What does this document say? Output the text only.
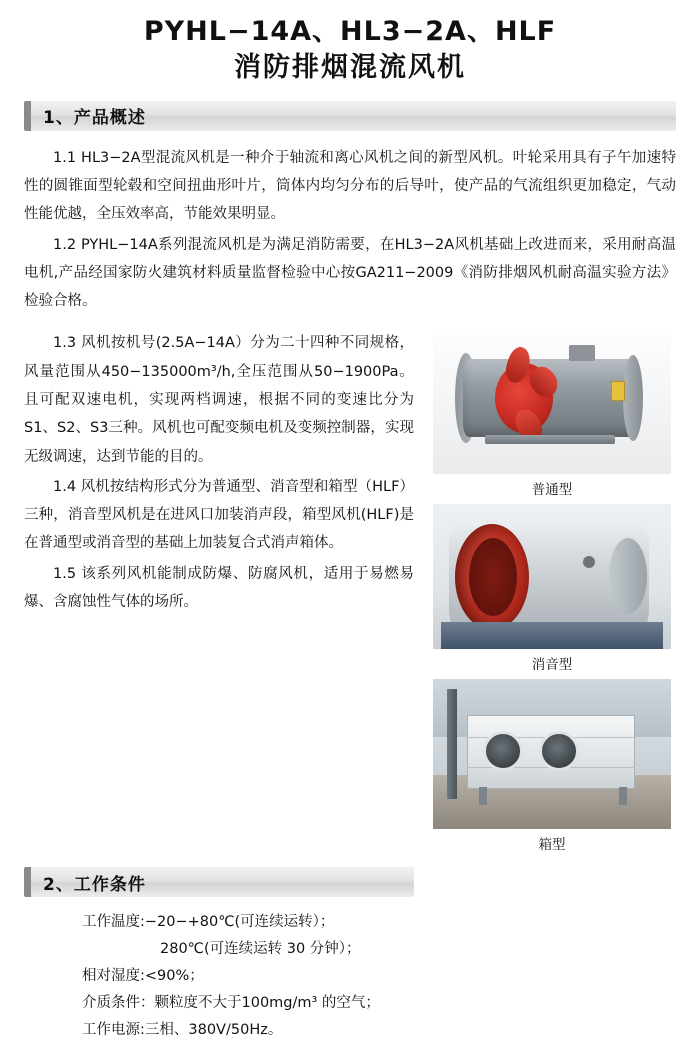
PYHL−14A、HL3−2A、HLF
消防排烟混流风机
1、 产品概述

1.1 HL3−2A型混流风机是一种介于轴流和离心风机之间的新型风机。叶轮采用具有子午加速特性的圆锥面型轮毂和空间扭曲形叶片，筒体内均匀分布的后导叶，使产品的气流组织更加稳定，气动性能优越，全压效率高，节能效果明显。

1.2 PYHL−14A系列混流风机是为满足消防需要，在HL3−2A风机基础上改进而来，采用耐高温电机,产品经国家防火建筑材料质量监督检验中心按GA211−2009《消防排烟风机耐高温实验方法》检验合格。

1.3 风机按机号(2.5A−14A）分为二十四种不同规格，风量范围从450−135000m³/h,全压范围从50−1900Pa。且可配双速电机，实现两档调速，根据不同的变速比分为S1、S2、S3三种。风机也可配变频电机及变频控制器，实现无级调速，达到节能的目的。

1.4 风机按结构形式分为普通型、消音型和箱型（HLF）三种，消音型风机是在进风口加装消声段，箱型风机(HLF)是在普通型或消音型的基础上加装复合式消声箱体。

1.5 该系列风机能制成防爆、防腐风机，适用于易燃易爆、含腐蚀性气体的场所。

普通型
消音型
箱型
2、 工作条件
工作温度:−20−+80℃(可连续运转）；
280℃(可连续运转 30 分钟）；
相对湿度:<90%；
介质条件：颗粒度不大于100mg/m³ 的空气；
工作电源:三相、380V/50Hz。
